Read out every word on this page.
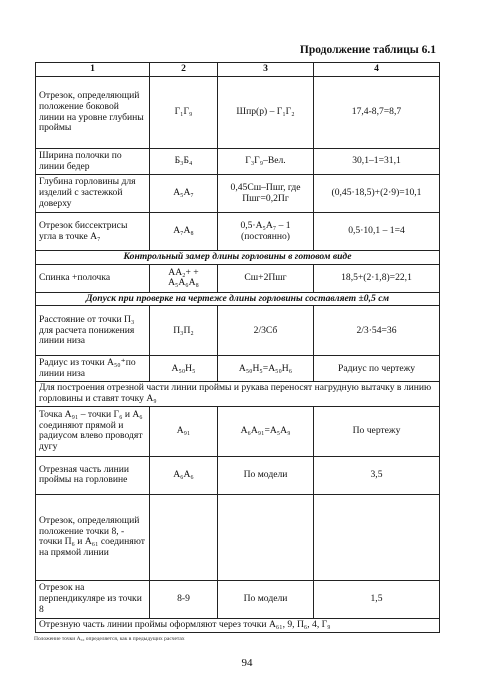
Продолжение таблицы 6.1
1	2	3	4
Отрезок, определяющий положение боковой линии на уровне глубины проймы	Г₁Г₉	Шпр(р) – Г₁Г₂	17,4-8,7=8,7
Ширина полочки по линии бедер	Б₃Б₄	Г₃Г₉–Вел.	30,1–1=31,1
Глубина горловины для изделий с застежкой доверху	А₅А₇	0,45Сш–Пшг, где Пшг=0,2Пг	(0,45·18,5)+(2·9)=10,1
Отрезок биссектрисы угла в точке А₇	А₇А₈	0,5·А₅А₇ – 1 (постоянно)	0,5·10,1 – 1=4
Контрольный замер длины горловины в готовом виде			
Спинка +полочка	АА₂+ + А₅А₆А₈	Сш+2Пшг	18,5+(2·1,8)=22,1
Допуск при проверке на чертеже длины горловины составляет ±0,5 см			
Расстояние от точки П₃ для расчета понижения линии низа	П₃П₂	2/3Сб	2/3·54=36
Радиус из точки А₅₀⁺по линии низа	А₅₀Н₅	А₅₀Н₅=А₅₀Н₆	Радиус по чертежу
Для построения отрезной части линии проймы и рукава переносят нагрудную вытачку в линию горловины и ставят точку А₉			
Точка А₉₁ – точки Г₆ и А₆ соединяют прямой и радиусом влево проводят дугу	А₉₁	А₆А₉₁=А₅А₉	По чертежу
Отрезная часть линии проймы на горловине	А₆А₆	По модели	3,5
Отрезок, определяющий положение точки 8, - точки П₆ и А₆₁ соединяют на прямой линии			
Отрезок на перпендикуляре из точки 8	8-9	По модели	1,5
Отрезную часть линии проймы оформляют через точки А₆₁, 9, П₆, 4, Г₉			
Положение точки А₅₀ определяется, как в предыдущих расчетах
94
